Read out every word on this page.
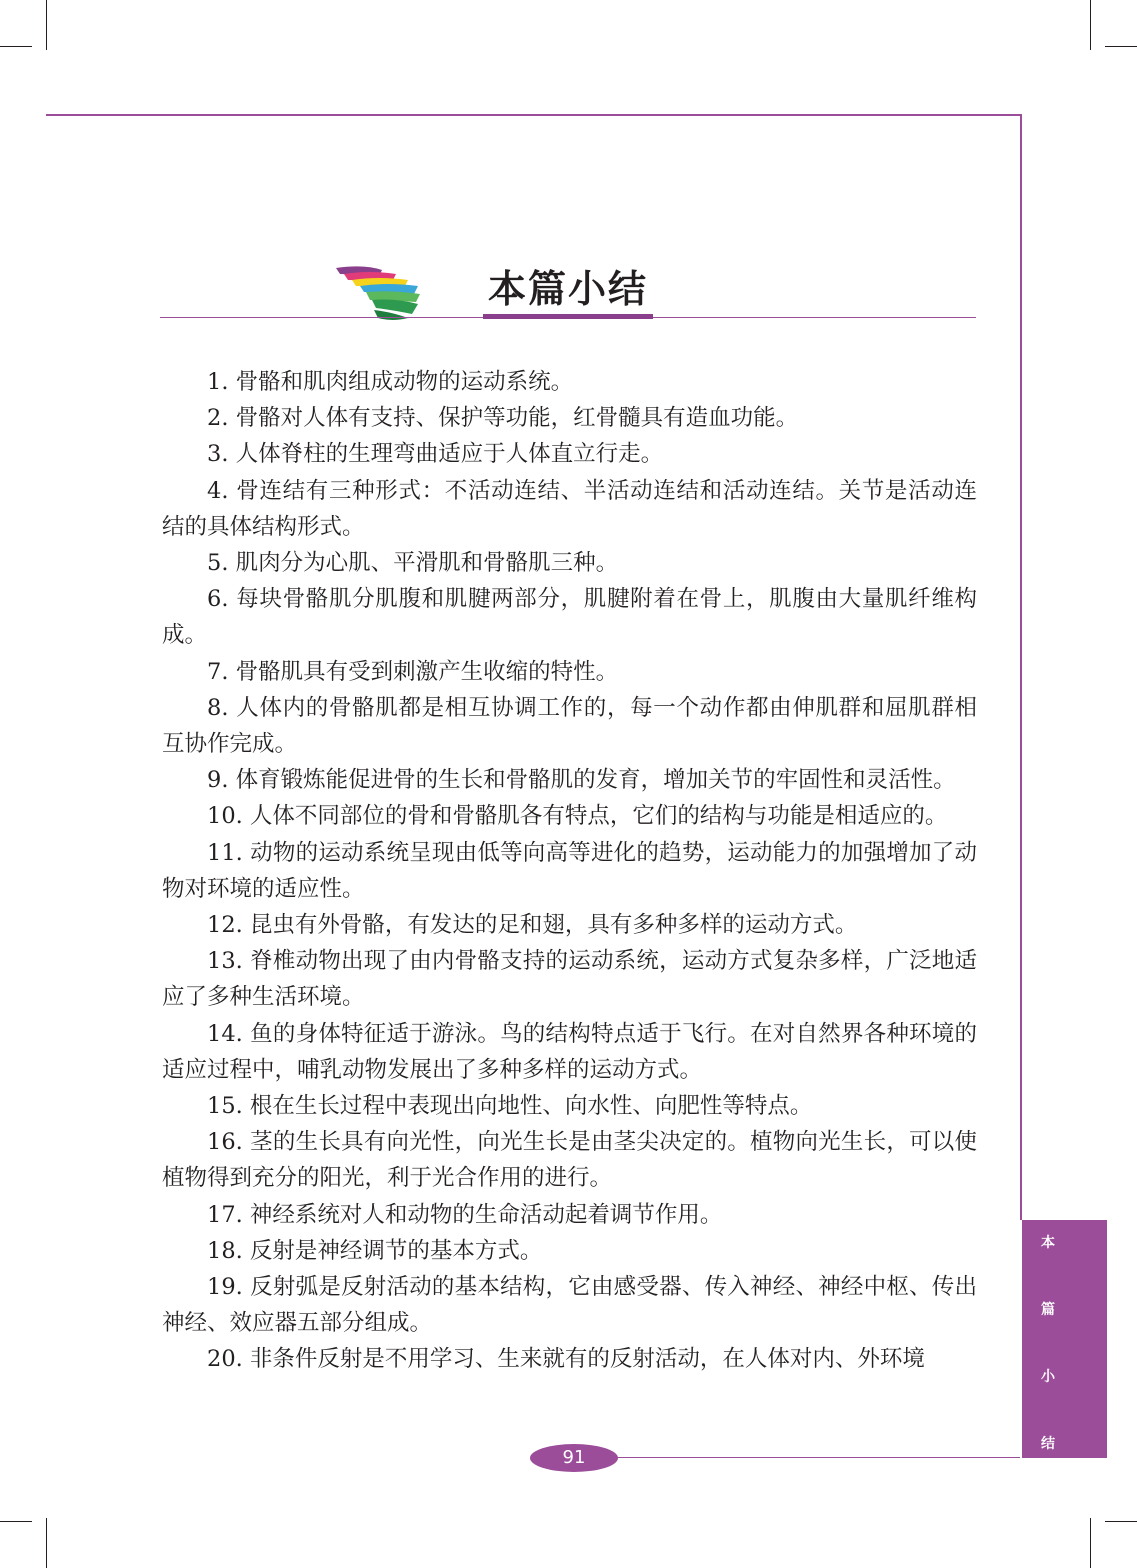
本篇小结
1. 骨骼和肌肉组成动物的运动系统。
2. 骨骼对人体有支持、保护等功能，红骨髓具有造血功能。
3. 人体脊柱的生理弯曲适应于人体直立行走。
4. 骨连结有三种形式：不活动连结、半活动连结和活动连结。关节是活动连结的具体结构形式。
5. 肌肉分为心肌、平滑肌和骨骼肌三种。
6. 每块骨骼肌分肌腹和肌腱两部分，肌腱附着在骨上，肌腹由大量肌纤维构成。
7. 骨骼肌具有受到刺激产生收缩的特性。
8. 人体内的骨骼肌都是相互协调工作的，每一个动作都由伸肌群和屈肌群相互协作完成。
9. 体育锻炼能促进骨的生长和骨骼肌的发育，增加关节的牢固性和灵活性。
10. 人体不同部位的骨和骨骼肌各有特点，它们的结构与功能是相适应的。
11. 动物的运动系统呈现由低等向高等进化的趋势，运动能力的加强增加了动物对环境的适应性。
12. 昆虫有外骨骼，有发达的足和翅，具有多种多样的运动方式。
13. 脊椎动物出现了由内骨骼支持的运动系统，运动方式复杂多样，广泛地适应了多种生活环境。
14. 鱼的身体特征适于游泳。鸟的结构特点适于飞行。在对自然界各种环境的适应过程中，哺乳动物发展出了多种多样的运动方式。
15. 根在生长过程中表现出向地性、向水性、向肥性等特点。
16. 茎的生长具有向光性，向光生长是由茎尖决定的。植物向光生长，可以使植物得到充分的阳光，利于光合作用的进行。
17. 神经系统对人和动物的生命活动起着调节作用。
18. 反射是神经调节的基本方式。
19. 反射弧是反射活动的基本结构，它由感受器、传入神经、神经中枢、传出神经、效应器五部分组成。
20. 非条件反射是不用学习、生来就有的反射活动，在人体对内、外环境
本
篇
小
结
91
